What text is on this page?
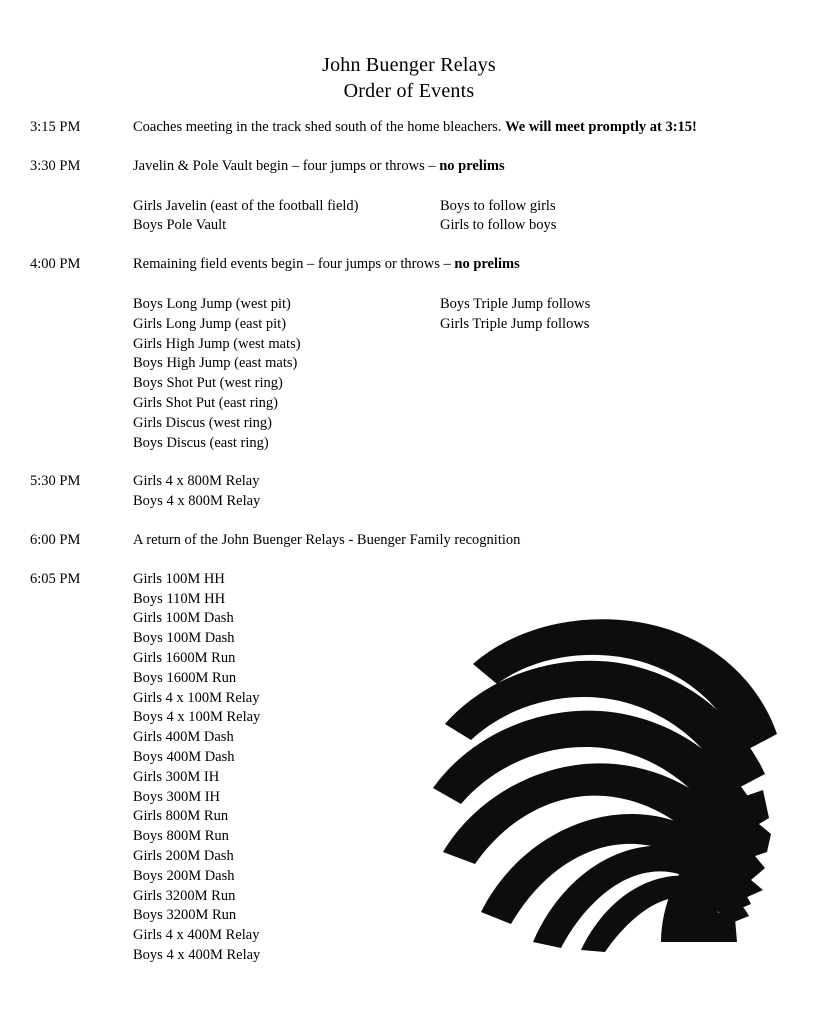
John Buenger Relays
Order of Events
3:15 PM	Coaches meeting in the track shed south of the home bleachers. We will meet promptly at 3:15!
3:30 PM	Javelin & Pole Vault begin – four jumps or throws – no prelims
Girls Javelin (east of the football field)	Boys to follow girls
Boys Pole Vault	Girls to follow boys
4:00 PM	Remaining field events begin – four jumps or throws – no prelims
Boys Long Jump (west pit)	Boys Triple Jump follows
Girls Long Jump (east pit)	Girls Triple Jump follows
Girls High Jump (west mats)
Boys High Jump (east mats)
Boys Shot Put (west ring)
Girls Shot Put (east ring)
Girls Discus (west ring)
Boys Discus (east ring)
5:30 PM	Girls 4 x 800M Relay
Boys 4 x 800M Relay
6:00 PM	A return of the John Buenger Relays - Buenger Family recognition
6:05 PM	Girls 100M HH
Boys 110M HH
Girls 100M Dash
Boys 100M Dash
Girls 1600M Run
Boys 1600M Run
Girls 4 x 100M Relay
Boys 4 x 100M Relay
Girls 400M Dash
Boys 400M Dash
Girls 300M IH
Boys 300M IH
Girls 800M Run
Boys 800M Run
Girls 200M Dash
Boys 200M Dash
Girls 3200M Run
Boys 3200M Run
Girls 4 x 400M Relay
Boys 4 x 400M Relay
